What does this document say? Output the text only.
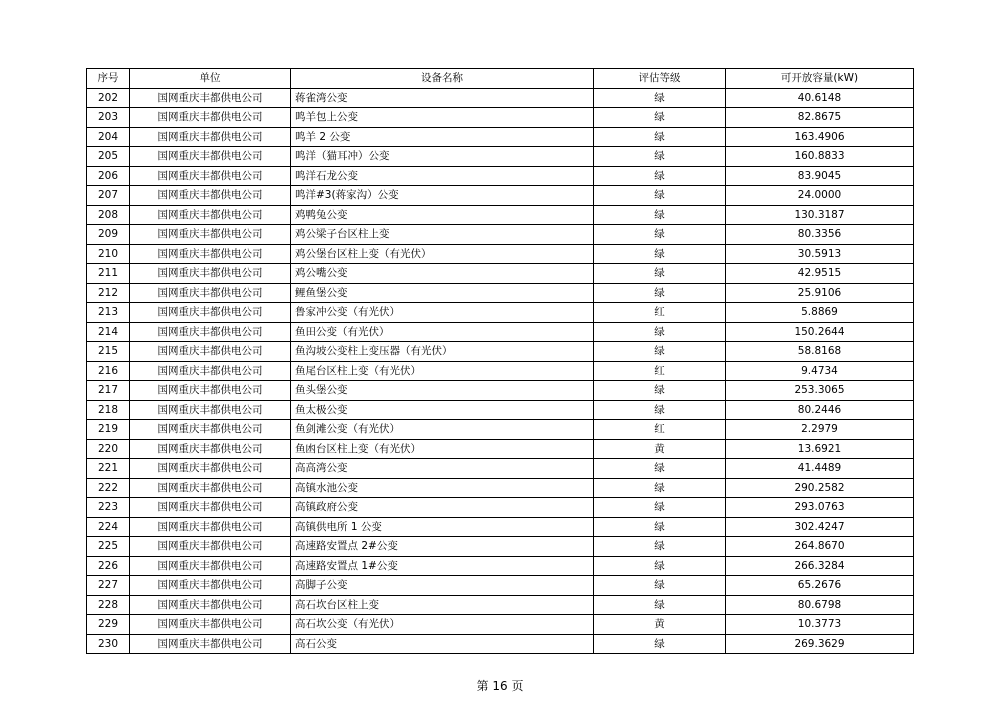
序号	单位	设备名称	评估等级	可开放容量(kW)
202	国网重庆丰都供电公司	蒋雀湾公变	绿	40.6148
203	国网重庆丰都供电公司	鸣羊包上公变	绿	82.8675
204	国网重庆丰都供电公司	鸣羊 2 公变	绿	163.4906
205	国网重庆丰都供电公司	鸣洋（猫耳冲）公变	绿	160.8833
206	国网重庆丰都供电公司	鸣洋石龙公变	绿	83.9045
207	国网重庆丰都供电公司	鸣洋#3(蒋家沟）公变	绿	24.0000
208	国网重庆丰都供电公司	鸡鸭兔公变	绿	130.3187
209	国网重庆丰都供电公司	鸡公梁子台区柱上变	绿	80.3356
210	国网重庆丰都供电公司	鸡公堡台区柱上变（有光伏）	绿	30.5913
211	国网重庆丰都供电公司	鸡公嘴公变	绿	42.9515
212	国网重庆丰都供电公司	鲤鱼堡公变	绿	25.9106
213	国网重庆丰都供电公司	鲁家冲公变（有光伏）	红	5.8869
214	国网重庆丰都供电公司	鱼田公变（有光伏）	绿	150.2644
215	国网重庆丰都供电公司	鱼沟坡公变柱上变压器（有光伏）	绿	58.8168
216	国网重庆丰都供电公司	鱼尾台区柱上变（有光伏）	红	9.4734
217	国网重庆丰都供电公司	鱼头堡公变	绿	253.3065
218	国网重庆丰都供电公司	鱼太极公变	绿	80.2446
219	国网重庆丰都供电公司	鱼剑滩公变（有光伏）	红	2.2979
220	国网重庆丰都供电公司	鱼凼台区柱上变（有光伏）	黄	13.6921
221	国网重庆丰都供电公司	高高湾公变	绿	41.4489
222	国网重庆丰都供电公司	高镇水池公变	绿	290.2582
223	国网重庆丰都供电公司	高镇政府公变	绿	293.0763
224	国网重庆丰都供电公司	高镇供电所 1 公变	绿	302.4247
225	国网重庆丰都供电公司	高速路安置点 2#公变	绿	264.8670
226	国网重庆丰都供电公司	高速路安置点 1#公变	绿	266.3284
227	国网重庆丰都供电公司	高脚子公变	绿	65.2676
228	国网重庆丰都供电公司	高石坎台区柱上变	绿	80.6798
229	国网重庆丰都供电公司	高石坎公变（有光伏）	黄	10.3773
230	国网重庆丰都供电公司	高石公变	绿	269.3629
第 16 页
